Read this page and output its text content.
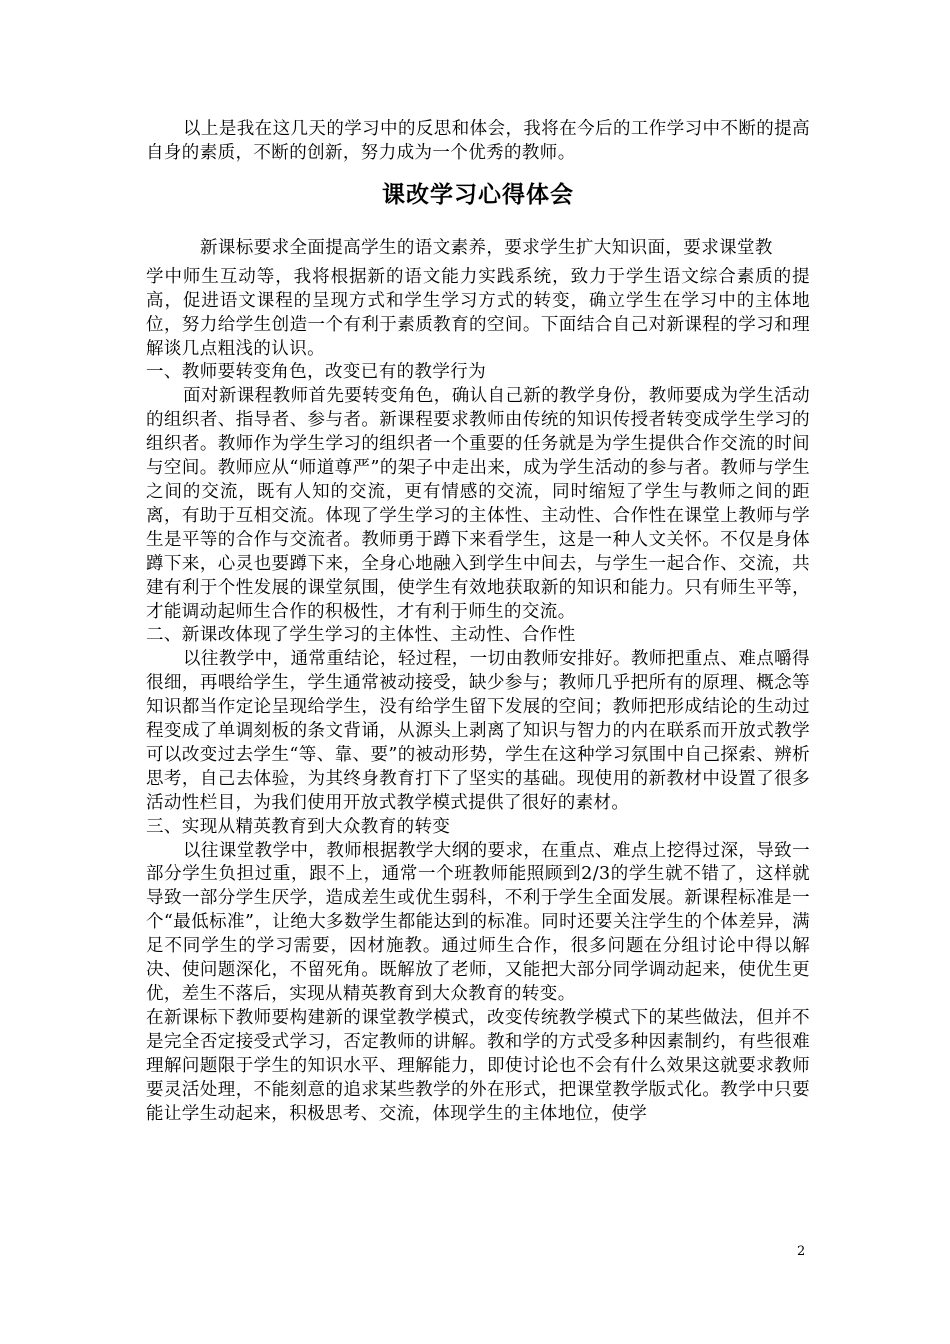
以上是我在这几天的学习中的反思和体会，我将在今后的工作学习中不断的提高自身的素质，不断的创新，努力成为一个优秀的教师。

课改学习心得体会

新课标要求全面提高学生的语文素养，要求学生扩大知识面，要求课堂教

学中师生互动等，我将根据新的语文能力实践系统，致力于学生语文综合素质的提高，促进语文课程的呈现方式和学生学习方式的转变，确立学生在学习中的主体地位，努力给学生创造一个有利于素质教育的空间。下面结合自己对新课程的学习和理解谈几点粗浅的认识。

一、教师要转变角色，改变已有的教学行为

面对新课程教师首先要转变角色，确认自己新的教学身份，教师要成为学生活动的组织者、指导者、参与者。新课程要求教师由传统的知识传授者转变成学生学习的组织者。教师作为学生学习的组织者一个重要的任务就是为学生提供合作交流的时间与空间。教师应从“师道尊严”的架子中走出来，成为学生活动的参与者。教师与学生之间的交流，既有人知的交流，更有情感的交流，同时缩短了学生与教师之间的距离，有助于互相交流。体现了学生学习的主体性、主动性、合作性在课堂上教师与学生是平等的合作与交流者。教师勇于蹲下来看学生，这是一种人文关怀。不仅是身体蹲下来，心灵也要蹲下来，全身心地融入到学生中间去，与学生一起合作、交流，共建有利于个性发展的课堂氛围，使学生有效地获取新的知识和能力。只有师生平等，才能调动起师生合作的积极性，才有利于师生的交流。

二、新课改体现了学生学习的主体性、主动性、合作性

以往教学中，通常重结论，轻过程，一切由教师安排好。教师把重点、难点嚼得很细，再喂给学生，学生通常被动接受，缺少参与；教师几乎把所有的原理、概念等知识都当作定论呈现给学生，没有给学生留下发展的空间；教师把形成结论的生动过程变成了单调刻板的条文背诵，从源头上剥离了知识与智力的内在联系而开放式教学可以改变过去学生“等、靠、要”的被动形势，学生在这种学习氛围中自己探索、辨析思考，自己去体验，为其终身教育打下了坚实的基础。现使用的新教材中设置了很多活动性栏目，为我们使用开放式教学模式提供了很好的素材。

三、实现从精英教育到大众教育的转变

以往课堂教学中，教师根据教学大纲的要求，在重点、难点上挖得过深，导致一部分学生负担过重，跟不上，通常一个班教师能照顾到2/3的学生就不错了，这样就导致一部分学生厌学，造成差生或优生弱科，不利于学生全面发展。新课程标准是一个“最低标准”，让绝大多数学生都能达到的标准。同时还要关注学生的个体差异，满足不同学生的学习需要，因材施教。通过师生合作，很多问题在分组讨论中得以解决、使问题深化，不留死角。既解放了老师，又能把大部分同学调动起来，使优生更优，差生不落后，实现从精英教育到大众教育的转变。

在新课标下教师要构建新的课堂教学模式，改变传统教学模式下的某些做法，但并不是完全否定接受式学习，否定教师的讲解。教和学的方式受多种因素制约，有些很难理解问题限于学生的知识水平、理解能力，即使讨论也不会有什么效果这就要求教师要灵活处理，不能刻意的追求某些教学的外在形式，把课堂教学版式化。教学中只要能让学生动起来，积极思考、交流，体现学生的主体地位，使学

2
